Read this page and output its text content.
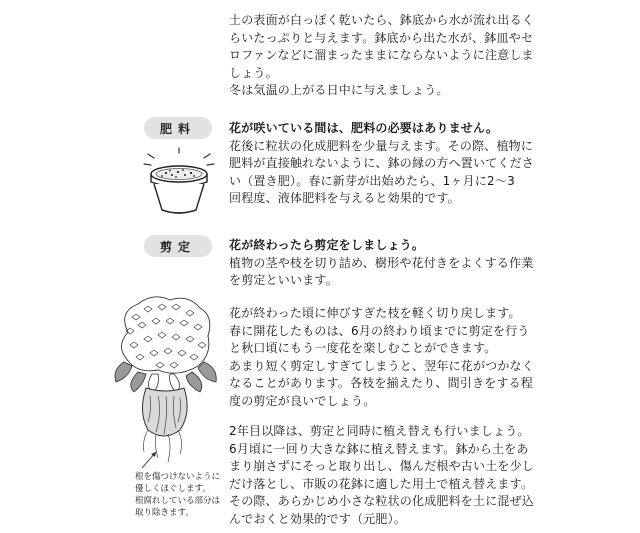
土の表面が白っぽく乾いたら、鉢底から水が流れ出るく
らいたっぷりと与えます。鉢底から出た水が、鉢皿やセ
ロファンなどに溜まったままにならないように注意しま
しょう。
冬は気温の上がる日中に与えましょう。
肥料	花が咲いている間は、肥料の必要はありません。
花後に粒状の化成肥料を少量与えます。その際、植物に
肥料が直接触れないように、鉢の縁の方へ置いてくださ
い（置き肥）。春に新芽が出始めたら、1ヶ月に2〜3
回程度、液体肥料を与えると効果的です。
剪定	花が終わったら剪定をしましょう。
植物の茎や枝を切り詰め、樹形や花付きをよくする作業
を剪定といいます。
花が終わった頃に伸びすぎた枝を軽く切り戻します。
春に開花したものは、6月の終わり頃までに剪定を行う
と秋口頃にもう一度花を楽しむことができます。
あまり短く剪定しすぎてしまうと、翌年に花がつかなく
なることがあります。各枝を揃えたり、間引きをする程
度の剪定が良いでしょう。
2年目以降は、剪定と同時に植え替えも行いましょう。
6月頃に一回り大きな鉢に植え替えます。鉢から土をあ
まり崩さずにそっと取り出し、傷んだ根や古い土を少し
だけ落とし、市販の花鉢に適した用土で植え替えます。
その際、あらかじめ小さな粒状の化成肥料を土に混ぜ込
んでおくと効果的です（元肥）。
根を傷つけないように
優しくほぐします。
根腐れしている部分は
取り除きます。
